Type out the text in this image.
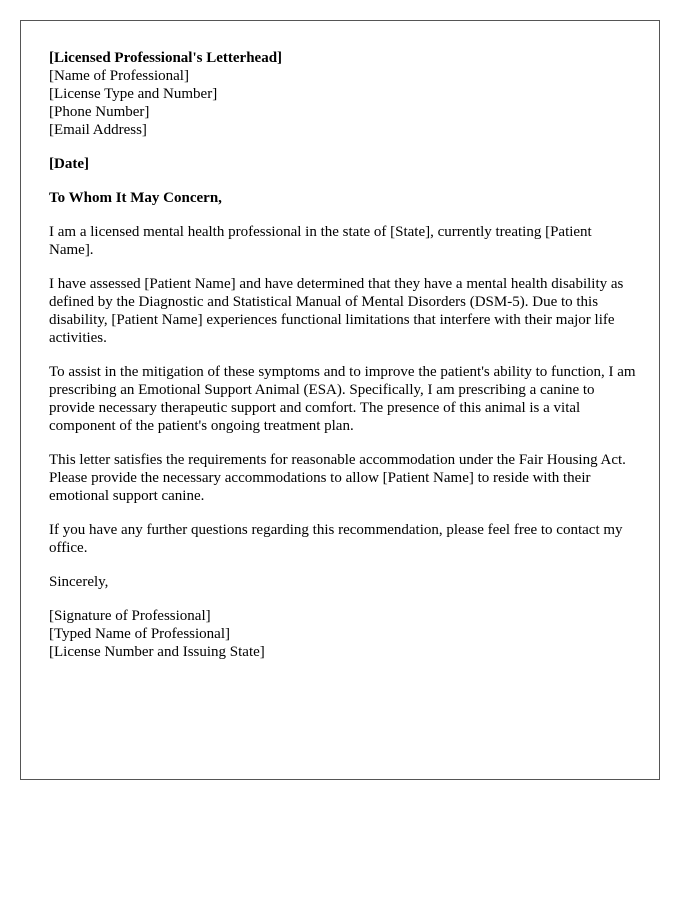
[Licensed Professional's Letterhead]
[Name of Professional]
[License Type and Number]
[Phone Number]
[Email Address]
[Date]
To Whom It May Concern,

I am a licensed mental health professional in the state of [State], currently treating [Patient Name].

I have assessed [Patient Name] and have determined that they have a mental health disability as defined by the Diagnostic and Statistical Manual of Mental Disorders (DSM-5). Due to this disability, [Patient Name] experiences functional limitations that interfere with their major life activities.

To assist in the mitigation of these symptoms and to improve the patient's ability to function, I am prescribing an Emotional Support Animal (ESA). Specifically, I am prescribing a canine to provide necessary therapeutic support and comfort. The presence of this animal is a vital component of the patient's ongoing treatment plan.

This letter satisfies the requirements for reasonable accommodation under the Fair Housing Act. Please provide the necessary accommodations to allow [Patient Name] to reside with their emotional support canine.

If you have any further questions regarding this recommendation, please feel free to contact my office.

Sincerely,
[Signature of Professional]
[Typed Name of Professional]
[License Number and Issuing State]
